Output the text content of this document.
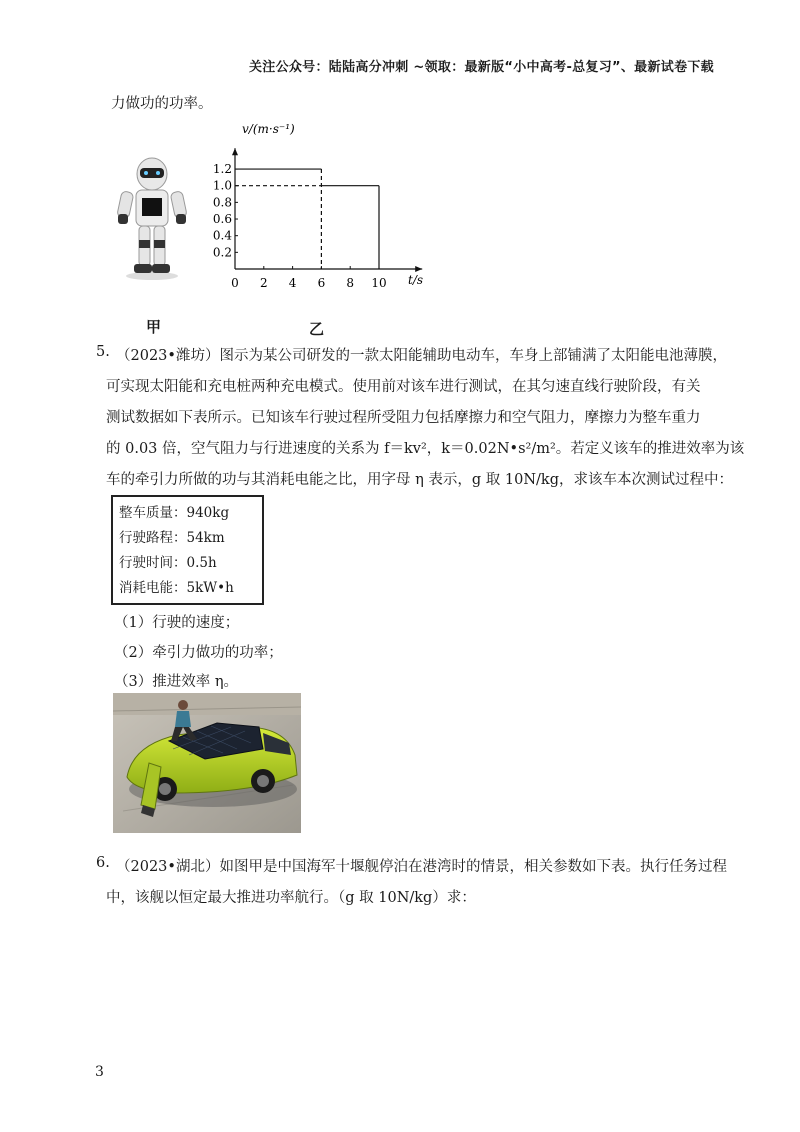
关注公众号：陆陆高分冲刺 ~领取：最新版“小中高考-总复习”、最新试卷下载
力做功的功率。
0 2 4 6 8 10
0.2
0.4
0.6
0.8
1.0
1.2
v/(m·s⁻¹)
t/s
甲	乙
5. （2023•潍坊）图示为某公司研发的一款太阳能辅助电动车，车身上部铺满了太阳能电池薄膜，
可实现太阳能和充电桩两种充电模式。使用前对该车进行测试，在其匀速直线行驶阶段，有关
测试数据如下表所示。已知该车行驶过程所受阻力包括摩擦力和空气阻力，摩擦力为整车重力
的 0.03 倍，空气阻力与行进速度的关系为 f＝kv²，k＝0.02N•s²/m²。若定义该车的推进效率为该
车的牵引力所做的功与其消耗电能之比，用字母 η 表示，g 取 10N/kg，求该车本次测试过程中：
整车质量：940kg
行驶路程：54km
行驶时间：0.5h
消耗电能：5kW•h
（1）行驶的速度；
（2）牵引力做功的功率；
（3）推进效率 η。
6. （2023•湖北）如图甲是中国海军十堰舰停泊在港湾时的情景，相关参数如下表。执行任务过程
中，该舰以恒定最大推进功率航行。（g 取 10N/kg）求：
3
